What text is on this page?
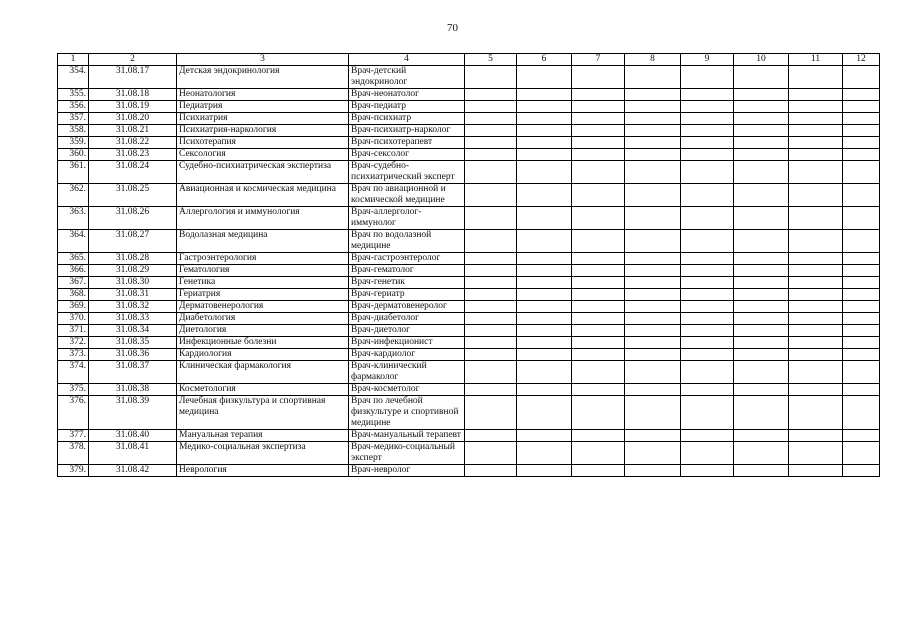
70
1	2	3	4	5	6	7	8	9	10	11	12
354.	31.08.17	Детская эндокринология	Врач-детский эндокринолог								
355.	31.08.18	Неонатология	Врач-неонатолог								
356.	31.08.19	Педиатрия	Врач-педиатр								
357.	31.08.20	Психиатрия	Врач-психиатр								
358.	31.08.21	Психиатрия-наркология	Врач-психиатр-нарколог								
359.	31.08.22	Психотерапия	Врач-психотерапевт								
360.	31.08.23	Сексология	Врач-сексолог								
361.	31.08.24	Судебно-психиатрическая экспертиза	Врач-судебно-психиатрический эксперт								
362.	31.08.25	Авиационная и космическая медицина	Врач по авиационной и космической медицине								
363.	31.08.26	Аллергология и иммунология	Врач-аллерголог-иммунолог								
364.	31.08.27	Водолазная медицина	Врач по водолазной медицине								
365.	31.08.28	Гастроэнтерология	Врач-гастроэнтеролог								
366.	31.08.29	Гематология	Врач-гематолог								
367.	31.08.30	Генетика	Врач-генетик								
368.	31.08.31	Гериатрия	Врач-гериатр								
369.	31.08.32	Дерматовенерология	Врач-дерматовенеролог								
370.	31.08.33	Диабетология	Врач-диабетолог								
371.	31.08.34	Диетология	Врач-диетолог								
372.	31.08.35	Инфекционные болезни	Врач-инфекционист								
373.	31.08.36	Кардиология	Врач-кардиолог								
374.	31.08.37	Клиническая фармакология	Врач-клинический фармаколог								
375.	31.08.38	Косметология	Врач-косметолог								
376.	31.08.39	Лечебная физкультура и спортивная медицина	Врач по лечебной физкультуре и спортивной медицине								
377.	31.08.40	Мануальная терапия	Врач-мануальный терапевт								
378.	31.08.41	Медико-социальная экспертиза	Врач-медико-социальный эксперт								
379.	31.08.42	Неврология	Врач-невролог								
